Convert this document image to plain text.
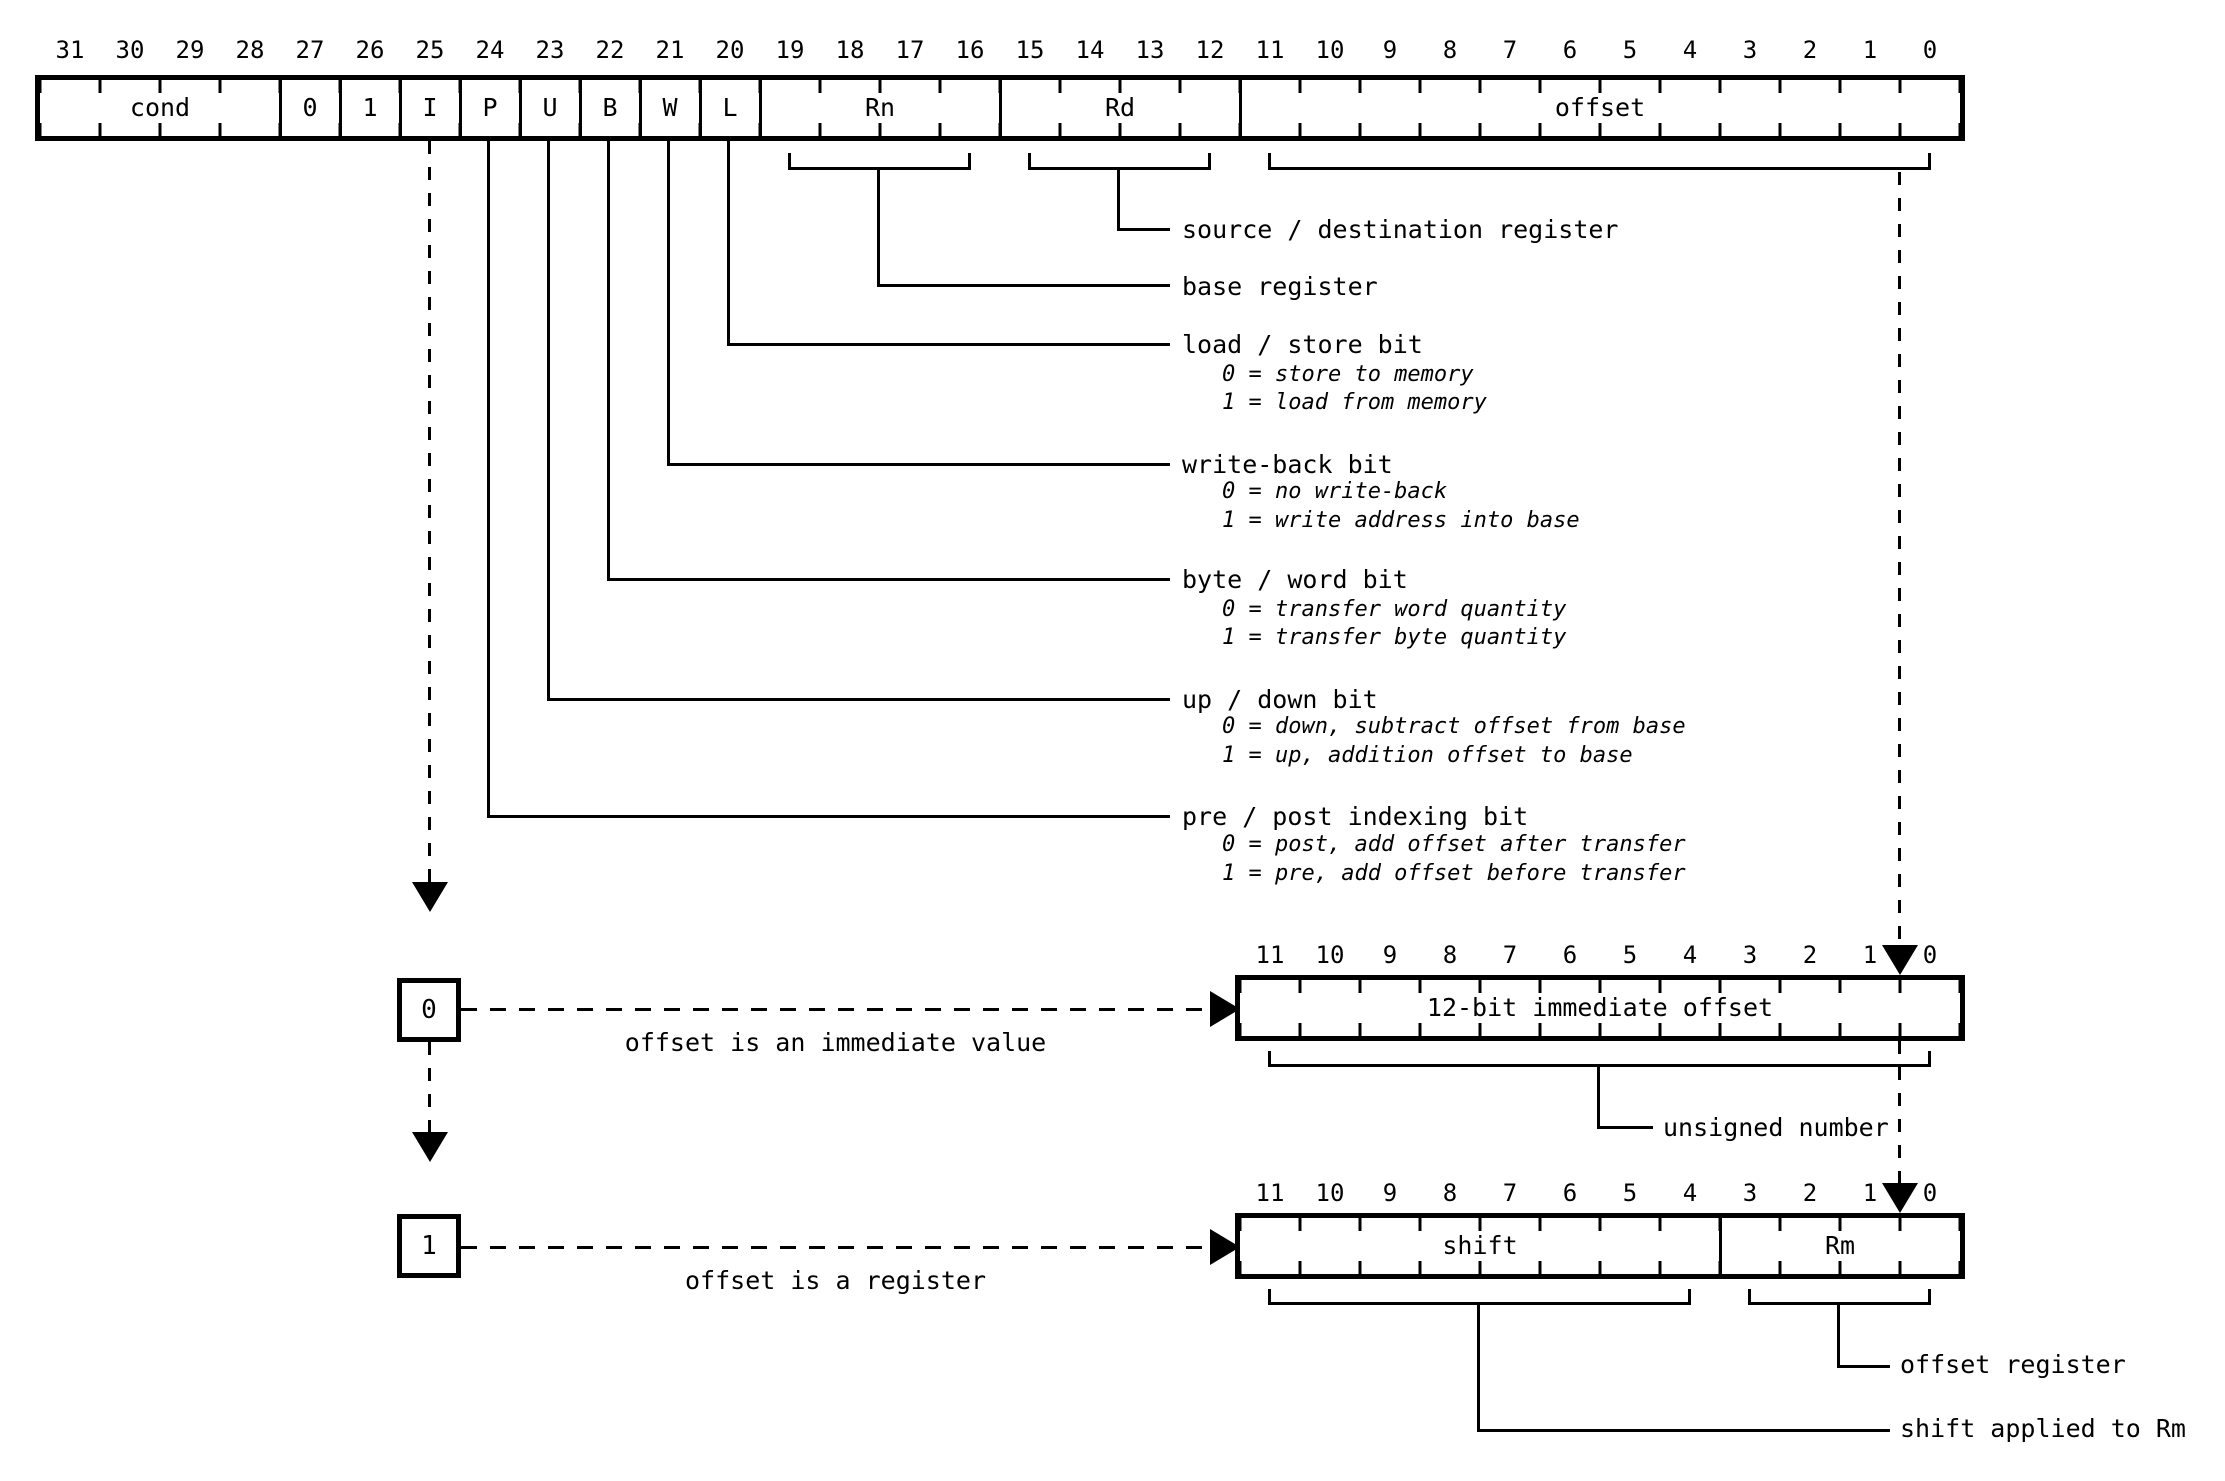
31	30	29	28	27	26	25	24	23	22	21	20	19	18	17	16	15	14	13	12	11	10	9	8	7	6	5	4	3	2	1	0
cond	0	1	I	P	U	B	W	L	Rn	Rd	offset
source / destination register
base register
load / store bit
0 = store to memory
1 = load from memory
write-back bit
0 = no write-back
1 = write address into base
byte / word bit
0 = transfer word quantity
1 = transfer byte quantity
up / down bit
0 = down, subtract offset from base
1 = up, addition offset to base
pre / post indexing bit
0 = post, add offset after transfer
1 = pre, add offset before transfer
0
offset is an immediate value
11	10	9	8	7	6	5	4	3	2	1	0
12-bit immediate offset
unsigned number
1
offset is a register
11	10	9	8	7	6	5	4	3	2	1	0
shift	Rm
shift applied to Rm
offset register
